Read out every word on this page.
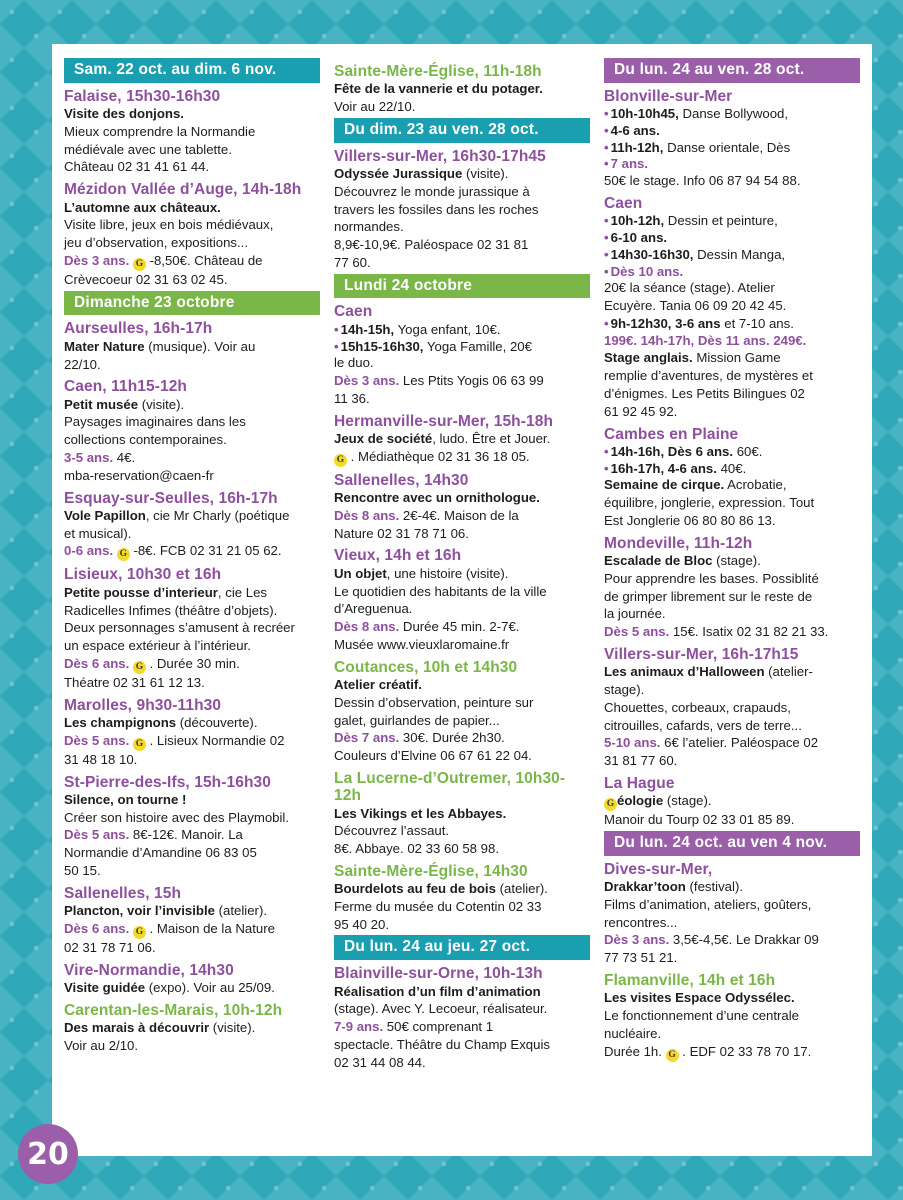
Sam. 22 oct. au dim. 6 nov.
Falaise, 15h30-16h30
Visite des donjons.
Mieux comprendre la Normandie
médiévale avec une tablette.
Château 02 31 41 61 44.
Mézidon Vallée d’Auge, 14h-18h
L’automne aux châteaux.
Visite libre, jeux en bois médiévaux,
jeu d’observation, expositions...
Dès 3 ans. G -8,50€. Château de
Crèvecoeur 02 31 63 02 45.
Dimanche 23 octobre
Aurseulles, 16h-17h
Mater Nature (musique). Voir au
22/10.
Caen, 11h15-12h
Petit musée (visite).
Paysages imaginaires dans les
collections contemporaines.
3-5 ans. 4€.
mba-reservation@caen-fr
Esquay-sur-Seulles, 16h-17h
Vole Papillon, cie Mr Charly (poétique
et musical).
0-6 ans. G -8€. FCB 02 31 21 05 62.
Lisieux, 10h30 et 16h
Petite pousse d’interieur, cie Les
Radicelles Infimes (théâtre d’objets).
Deux personnages s’amusent à recréer
un espace extérieur à l’intérieur.
Dès 6 ans. G . Durée 30 min.
Théatre 02 31 61 12 13.
Marolles, 9h30-11h30
Les champignons (découverte).
Dès 5 ans. G . Lisieux Normandie 02
31 48 18 10.
St-Pierre-des-Ifs, 15h-16h30
Silence, on tourne !
Créer son histoire avec des Playmobil.
Dès 5 ans. 8€-12€. Manoir. La
Normandie d’Amandine 06 83 05
50 15.
Sallenelles, 15h
Plancton, voir l’invisible (atelier).
Dès 6 ans. G . Maison de la Nature
02 31 78 71 06.
Vire-Normandie, 14h30
Visite guidée (expo). Voir au 25/09.
Carentan-les-Marais, 10h-12h
Des marais à découvrir (visite).
Voir au 2/10.
Sainte-Mère-Église, 11h-18h
Fête de la vannerie et du potager.
Voir au 22/10.
Du dim. 23 au ven. 28 oct.
Villers-sur-Mer, 16h30-17h45
Odyssée Jurassique (visite).
Découvrez le monde jurassique à
travers les fossiles dans les roches
normandes.
8,9€-10,9€. Paléospace 02 31 81
77 60.
Lundi 24 octobre
Caen
• 14h-15h, Yoga enfant, 10€.
• 15h15-16h30, Yoga Famille, 20€
le duo.
Dès 3 ans. Les Ptits Yogis 06 63 99
11 36.
Hermanville-sur-Mer, 15h-18h
Jeux de société, ludo. Être et Jouer.
G . Médiathèque 02 31 36 18 05.
Sallenelles, 14h30
Rencontre avec un ornithologue.
Dès 8 ans. 2€-4€. Maison de la
Nature 02 31 78 71 06.
Vieux, 14h et 16h
Un objet, une histoire (visite).
Le quotidien des habitants de la ville
d’Areguenua.
Dès 8 ans. Durée 45 min. 2-7€.
Musée www.vieuxlaromaine.fr
Coutances, 10h et 14h30
Atelier créatif.
Dessin d’observation, peinture sur
galet, guirlandes de papier...
Dès 7 ans. 30€. Durée 2h30.
Couleurs d’Elvine 06 67 61 22 04.
La Lucerne-d’Outremer, 10h30-12h
Les Vikings et les Abbayes.
Découvrez l’assaut.
8€. Abbaye. 02 33 60 58 98.
Sainte-Mère-Église, 14h30
Bourdelots au feu de bois (atelier).
Ferme du musée du Cotentin 02 33
95 40 20.
Du lun. 24 au jeu. 27 oct.
Blainville-sur-Orne, 10h-13h
Réalisation d’un film d’animation
(stage). Avec Y. Lecoeur, réalisateur.
7-9 ans. 50€ comprenant 1
spectacle. Théâtre du Champ Exquis
02 31 44 08 44.
Du lun. 24 au ven. 28 oct.
Blonville-sur-Mer
• 10h-10h45, Danse Bollywood,
• 4-6 ans.
• 11h-12h, Danse orientale, Dès
• 7 ans.
50€ le stage. Info 06 87 94 54 88.
Caen
• 10h-12h, Dessin et peinture,
• 6-10 ans.
• 14h30-16h30, Dessin Manga,
• Dès 10 ans.
20€ la séance (stage). Atelier
Ecuyère. Tania 06 09 20 42 45.
• 9h-12h30, 3-6 ans et 7-10 ans.
199€. 14h-17h, Dès 11 ans. 249€.
Stage anglais. Mission Game
remplie d’aventures, de mystères et
d’énigmes. Les Petits Bilingues 02
61 92 45 92.
Cambes en Plaine
• 14h-16h, Dès 6 ans. 60€.
• 16h-17h, 4-6 ans. 40€.
Semaine de cirque. Acrobatie,
équilibre, jonglerie, expression. Tout
Est Jonglerie 06 80 80 86 13.
Mondeville, 11h-12h
Escalade de Bloc (stage).
Pour apprendre les bases. Possiblité
de grimper librement sur le reste de
la journée.
Dès 5 ans. 15€. Isatix 02 31 82 21 33.
Villers-sur-Mer, 16h-17h15
Les animaux d’Halloween (atelier-
stage).
Chouettes, corbeaux, crapauds,
citrouilles, cafards, vers de terre...
5-10 ans. 6€ l’atelier. Paléospace 02
31 81 77 60.
La Hague
G éologie (stage).
Manoir du Tourp 02 33 01 85 89.
Du lun. 24 oct. au ven 4 nov.
Dives-sur-Mer,
Drakkar’toon (festival).
Films d’animation, ateliers, goûters,
rencontres...
Dès 3 ans. 3,5€-4,5€. Le Drakkar 09
77 73 51 21.
Flamanville, 14h et 16h
Les visites Espace Odyssélec.
Le fonctionnement d’une centrale
nucléaire.
Durée 1h. G . EDF 02 33 78 70 17.
20
